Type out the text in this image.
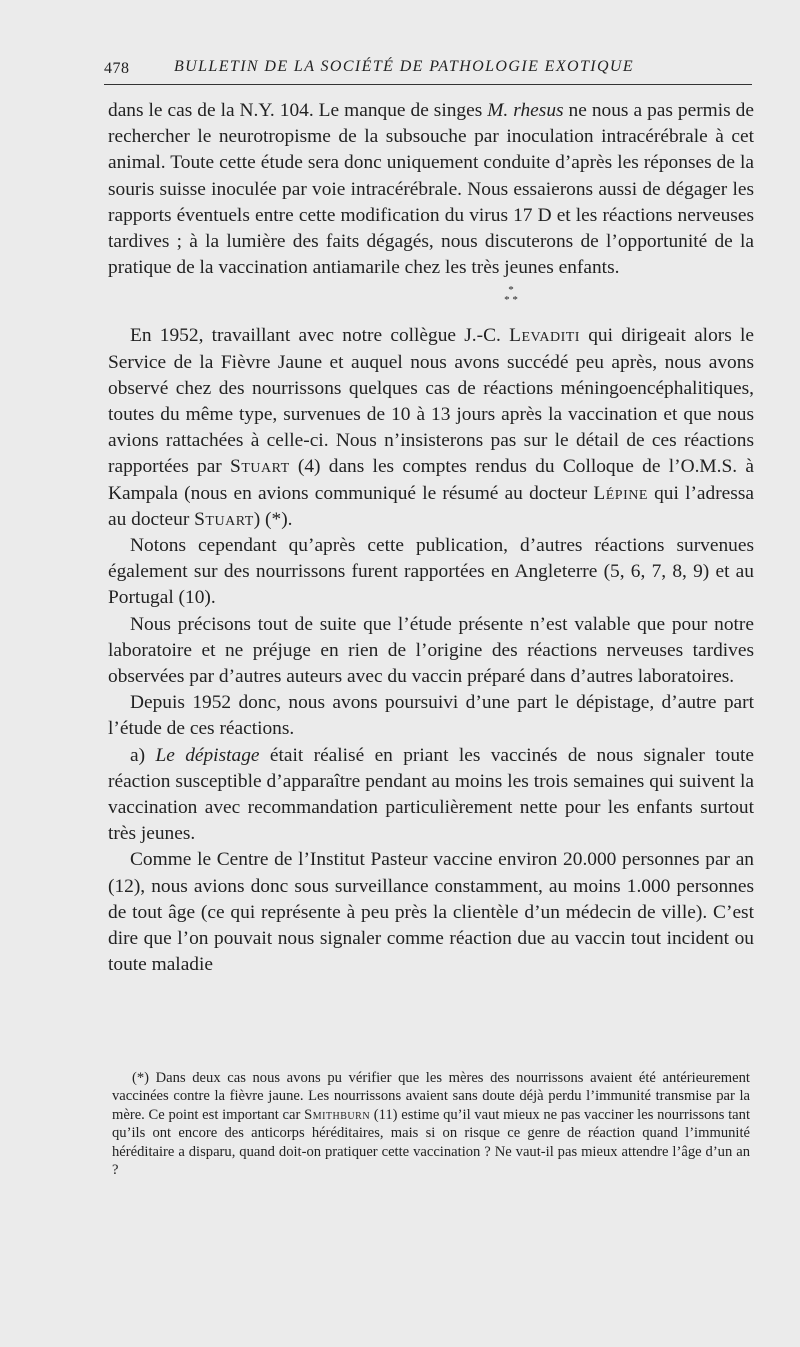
478	BULLETIN DE LA SOCIÉTÉ DE PATHOLOGIE EXOTIQUE

dans le cas de la N.Y. 104. Le manque de singes M. rhesus ne nous a pas permis de rechercher le neurotropisme de la subsouche par inoculation intracérébrale à cet animal. Toute cette étude sera donc uniquement conduite d’après les réponses de la souris suisse inoculée par voie intracérébrale. Nous essaierons aussi de dégager les rapports éventuels entre cette modification du virus 17 D et les réactions nerveuses tardives ; à la lumière des faits dégagés, nous discuterons de l’opportunité de la pratique de la vaccination antiamarile chez les très jeunes enfants.

*
* *

En 1952, travaillant avec notre collègue J.-C. Levaditi qui dirigeait alors le Service de la Fièvre Jaune et auquel nous avons succédé peu après, nous avons observé chez des nourrissons quelques cas de réactions méningoencéphalitiques, toutes du même type, survenues de 10 à 13 jours après la vaccination et que nous avions rattachées à celle-ci. Nous n’insisterons pas sur le détail de ces réactions rapportées par Stuart (4) dans les comptes rendus du Colloque de l’O.M.S. à Kampala (nous en avions communiqué le résumé au docteur Lépine qui l’adressa au docteur Stuart) (*).

Notons cependant qu’après cette publication, d’autres réactions survenues également sur des nourrissons furent rapportées en Angleterre (5, 6, 7, 8, 9) et au Portugal (10).

Nous précisons tout de suite que l’étude présente n’est valable que pour notre laboratoire et ne préjuge en rien de l’origine des réactions nerveuses tardives observées par d’autres auteurs avec du vaccin préparé dans d’autres laboratoires.

Depuis 1952 donc, nous avons poursuivi d’une part le dépistage, d’autre part l’étude de ces réactions.

a) Le dépistage était réalisé en priant les vaccinés de nous signaler toute réaction susceptible d’apparaître pendant au moins les trois semaines qui suivent la vaccination avec recommandation particulièrement nette pour les enfants surtout très jeunes.

Comme le Centre de l’Institut Pasteur vaccine environ 20.000 personnes par an (12), nous avions donc sous surveillance constamment, au moins 1.000 personnes de tout âge (ce qui représente à peu près la clientèle d’un médecin de ville). C’est dire que l’on pouvait nous signaler comme réaction due au vaccin tout incident ou toute maladie

(*) Dans deux cas nous avons pu vérifier que les mères des nourrissons avaient été antérieurement vaccinées contre la fièvre jaune. Les nourrissons avaient sans doute déjà perdu l’immunité transmise par la mère. Ce point est important car Smithburn (11) estime qu’il vaut mieux ne pas vacciner les nourrissons tant qu’ils ont encore des anticorps héréditaires, mais si on risque ce genre de réaction quand l’immunité héréditaire a disparu, quand doit-on pratiquer cette vaccination ? Ne vaut-il pas mieux attendre l’âge d’un an ?
